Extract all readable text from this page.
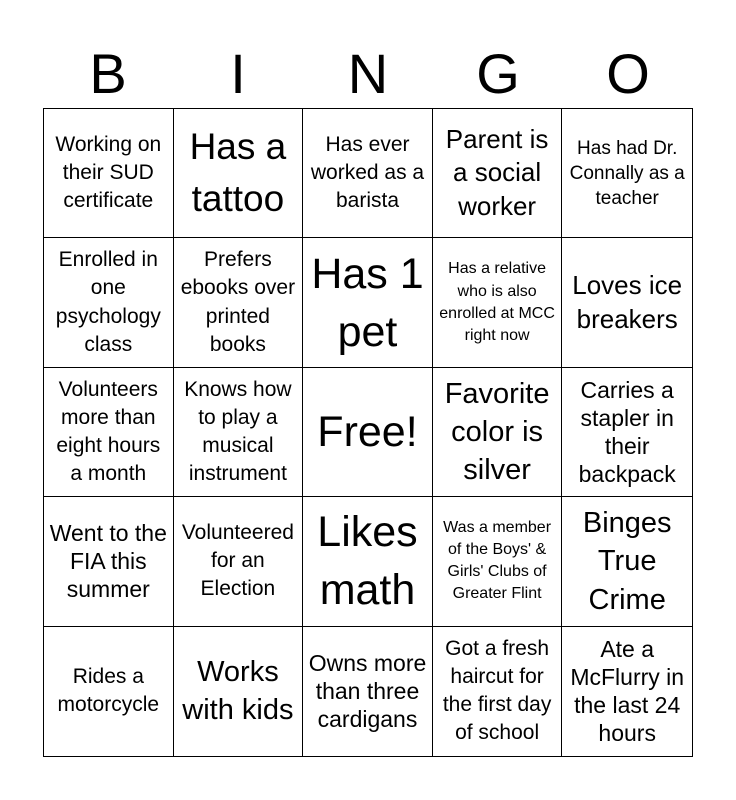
B	I	N	G	O
Working on their SUD certificate
Has a tattoo
Has ever worked as a barista
Parent is a social worker
Has had Dr. Connally as a teacher
Enrolled in one psychology class
Prefers ebooks over printed books
Has 1 pet
Has a relative who is also enrolled at MCC right now
Loves ice breakers
Volunteers more than eight hours a month
Knows how to play a musical instrument
Free!
Favorite color is silver
Carries a stapler in their backpack
Went to the FIA this summer
Volunteered for an Election
Likes math
Was a member of the Boys' & Girls' Clubs of Greater Flint
Binges True Crime
Rides a motorcycle
Works with kids
Owns more than three cardigans
Got a fresh haircut for the first day of school
Ate a McFlurry in the last 24 hours
